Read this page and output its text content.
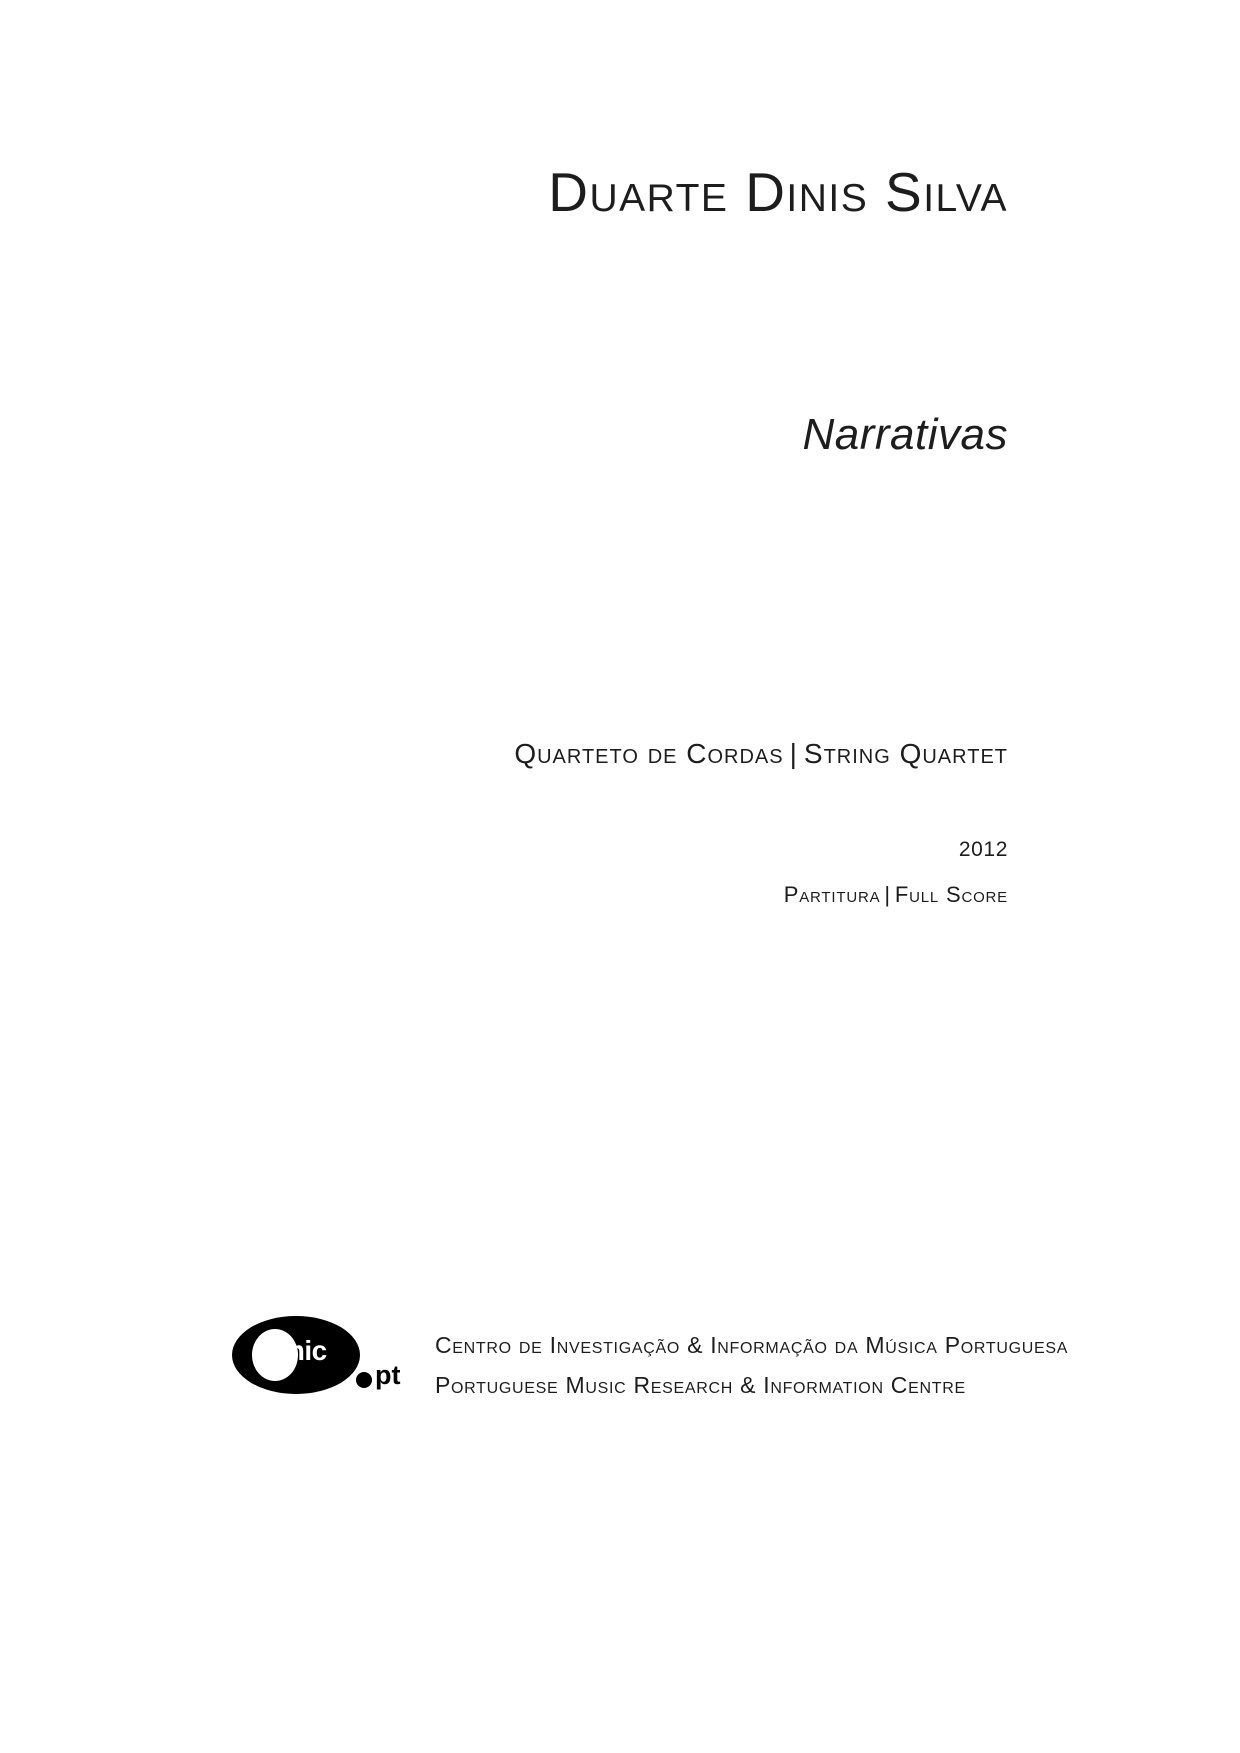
Duarte Dinis Silva
Narrativas
Quarteto de Cordas | String Quartet
2012
Partitura | Full Score
mic
pt
Centro de Investigação & Informação da Música Portuguesa
Portuguese Music Research & Information Centre
